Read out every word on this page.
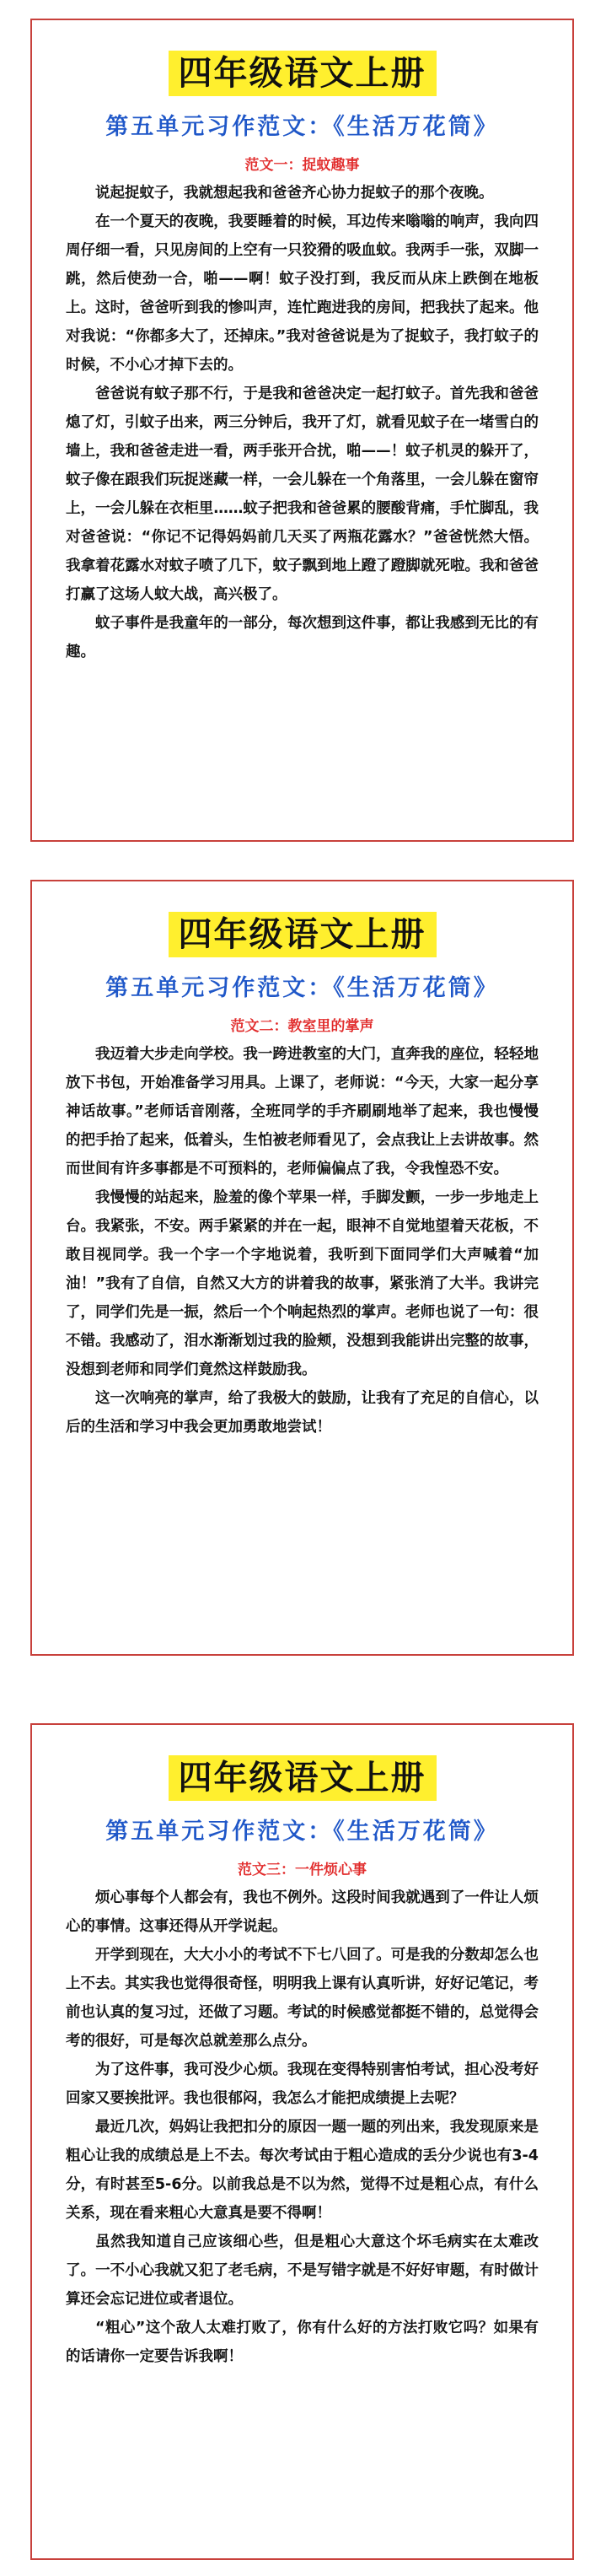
四年级语文上册
第五单元习作范文：《生活万花筒》
范文一：捉蚊趣事

说起捉蚊子，我就想起我和爸爸齐心协力捉蚊子的那个夜晚。

在一个夏天的夜晚，我要睡着的时候，耳边传来嗡嗡的响声，我向四周仔细一看，只见房间的上空有一只狡猾的吸血蚊。我两手一张，双脚一跳，然后使劲一合，啪——啊！蚊子没打到，我反而从床上跌倒在地板上。这时，爸爸听到我的惨叫声，连忙跑进我的房间，把我扶了起来。他对我说：“你都多大了，还掉床。”我对爸爸说是为了捉蚊子，我打蚊子的时候，不小心才掉下去的。

爸爸说有蚊子那不行，于是我和爸爸决定一起打蚊子。首先我和爸爸熄了灯，引蚊子出来，两三分钟后，我开了灯，就看见蚊子在一堵雪白的墙上，我和爸爸走进一看，两手张开合扰，啪——！蚊子机灵的躲开了，蚊子像在跟我们玩捉迷藏一样，一会儿躲在一个角落里，一会儿躲在窗帘上，一会儿躲在衣柜里……蚊子把我和爸爸累的腰酸背痛，手忙脚乱，我对爸爸说：“你记不记得妈妈前几天买了两瓶花露水？”爸爸恍然大悟。我拿着花露水对蚊子喷了几下，蚊子飘到地上蹬了蹬脚就死啦。我和爸爸打赢了这场人蚊大战，高兴极了。

蚊子事件是我童年的一部分，每次想到这件事，都让我感到无比的有趣。

四年级语文上册
第五单元习作范文：《生活万花筒》
范文二：教室里的掌声

我迈着大步走向学校。我一跨进教室的大门，直奔我的座位，轻轻地放下书包，开始准备学习用具。上课了，老师说：“今天，大家一起分享神话故事。”老师话音刚落，全班同学的手齐刷刷地举了起来，我也慢慢的把手抬了起来，低着头，生怕被老师看见了，会点我让上去讲故事。然而世间有许多事都是不可预料的，老师偏偏点了我，令我惶恐不安。

我慢慢的站起来，脸羞的像个苹果一样，手脚发颤，一步一步地走上台。我紧张，不安。两手紧紧的并在一起，眼神不自觉地望着天花板，不敢目视同学。我一个字一个字地说着，我听到下面同学们大声喊着“加油！”我有了自信，自然又大方的讲着我的故事，紧张消了大半。我讲完了，同学们先是一振，然后一个个响起热烈的掌声。老师也说了一句：很不错。我感动了，泪水渐渐划过我的脸颊，没想到我能讲出完整的故事，没想到老师和同学们竟然这样鼓励我。

这一次响亮的掌声，给了我极大的鼓励，让我有了充足的自信心，以后的生活和学习中我会更加勇敢地尝试！

四年级语文上册
第五单元习作范文：《生活万花筒》
范文三：一件烦心事

烦心事每个人都会有，我也不例外。这段时间我就遇到了一件让人烦心的事情。这事还得从开学说起。

开学到现在，大大小小的考试不下七八回了。可是我的分数却怎么也上不去。其实我也觉得很奇怪，明明我上课有认真听讲，好好记笔记，考前也认真的复习过，还做了习题。考试的时候感觉都挺不错的，总觉得会考的很好，可是每次总就差那么点分。

为了这件事，我可没少心烦。我现在变得特别害怕考试，担心没考好回家又要挨批评。我也很郁闷，我怎么才能把成绩提上去呢？

最近几次，妈妈让我把扣分的原因一题一题的列出来，我发现原来是粗心让我的成绩总是上不去。每次考试由于粗心造成的丢分少说也有3-4分，有时甚至5-6分。以前我总是不以为然，觉得不过是粗心点，有什么关系，现在看来粗心大意真是要不得啊！

虽然我知道自己应该细心些，但是粗心大意这个坏毛病实在太难改了。一不小心我就又犯了老毛病，不是写错字就是不好好审题，有时做计算还会忘记进位或者退位。

“粗心”这个敌人太难打败了，你有什么好的方法打败它吗？如果有的话请你一定要告诉我啊！
